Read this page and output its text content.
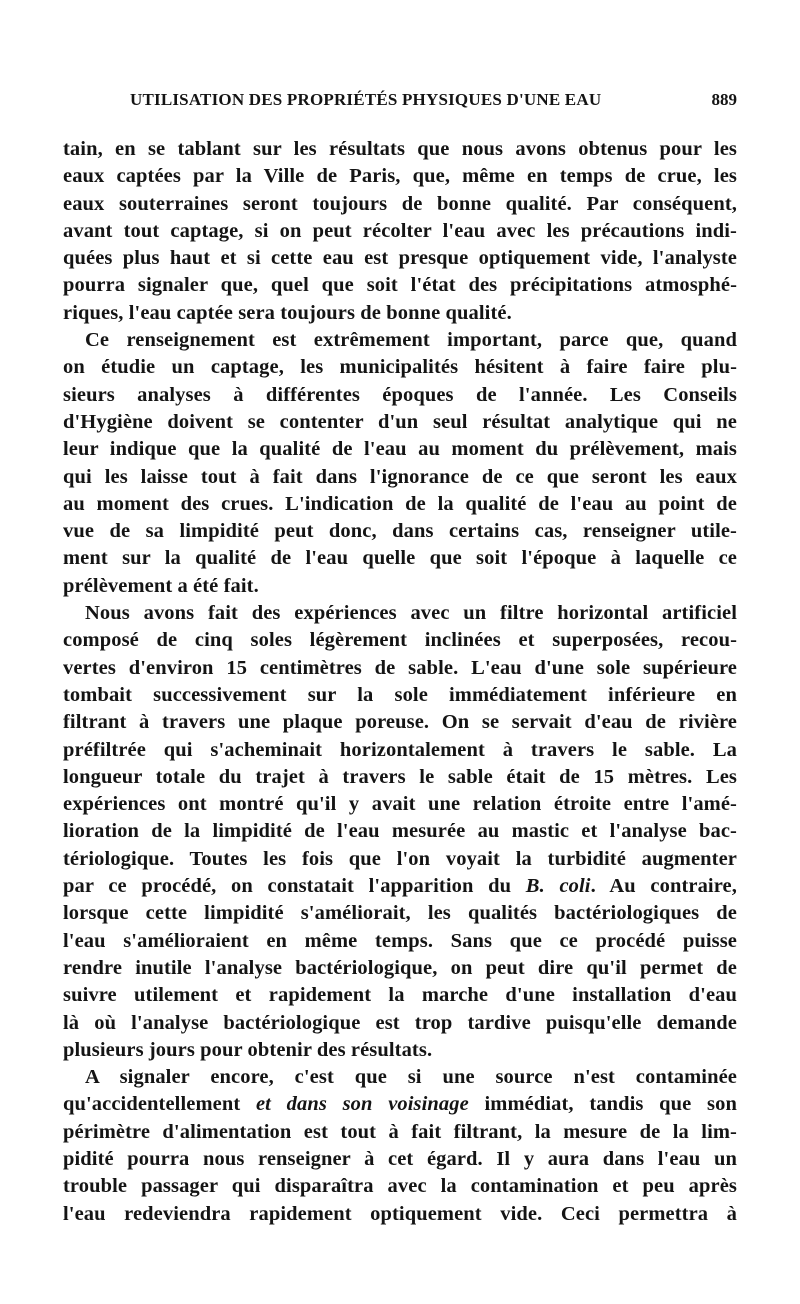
UTILISATION DES PROPRIÉTÉS PHYSIQUES D'UNE EAU	889
tain, en se tablant sur les résultats que nous avons obtenus pour les
eaux captées par la Ville de Paris, que, même en temps de crue, les
eaux souterraines seront toujours de bonne qualité. Par conséquent,
avant tout captage, si on peut récolter l'eau avec les précautions indi-
quées plus haut et si cette eau est presque optiquement vide, l'analyste
pourra signaler que, quel que soit l'état des précipitations atmosphé-
riques, l'eau captée sera toujours de bonne qualité.
Ce renseignement est extrêmement important, parce que, quand
on étudie un captage, les municipalités hésitent à faire faire plu-
sieurs analyses à différentes époques de l'année. Les Conseils
d'Hygiène doivent se contenter d'un seul résultat analytique qui ne
leur indique que la qualité de l'eau au moment du prélèvement, mais
qui les laisse tout à fait dans l'ignorance de ce que seront les eaux
au moment des crues. L'indication de la qualité de l'eau au point de
vue de sa limpidité peut donc, dans certains cas, renseigner utile-
ment sur la qualité de l'eau quelle que soit l'époque à laquelle ce
prélèvement a été fait.
Nous avons fait des expériences avec un filtre horizontal artificiel
composé de cinq soles légèrement inclinées et superposées, recou-
vertes d'environ 15 centimètres de sable. L'eau d'une sole supérieure
tombait successivement sur la sole immédiatement inférieure en
filtrant à travers une plaque poreuse. On se servait d'eau de rivière
préfiltrée qui s'acheminait horizontalement à travers le sable. La
longueur totale du trajet à travers le sable était de 15 mètres. Les
expériences ont montré qu'il y avait une relation étroite entre l'amé-
lioration de la limpidité de l'eau mesurée au mastic et l'analyse bac-
tériologique. Toutes les fois que l'on voyait la turbidité augmenter
par ce procédé, on constatait l'apparition du B. coli. Au contraire,
lorsque cette limpidité s'améliorait, les qualités bactériologiques de
l'eau s'amélioraient en même temps. Sans que ce procédé puisse
rendre inutile l'analyse bactériologique, on peut dire qu'il permet de
suivre utilement et rapidement la marche d'une installation d'eau
là où l'analyse bactériologique est trop tardive puisqu'elle demande
plusieurs jours pour obtenir des résultats.
A signaler encore, c'est que si une source n'est contaminée
qu'accidentellement et dans son voisinage immédiat, tandis que son
périmètre d'alimentation est tout à fait filtrant, la mesure de la lim-
pidité pourra nous renseigner à cet égard. Il y aura dans l'eau un
trouble passager qui disparaîtra avec la contamination et peu après
l'eau redeviendra rapidement optiquement vide. Ceci permettra à
